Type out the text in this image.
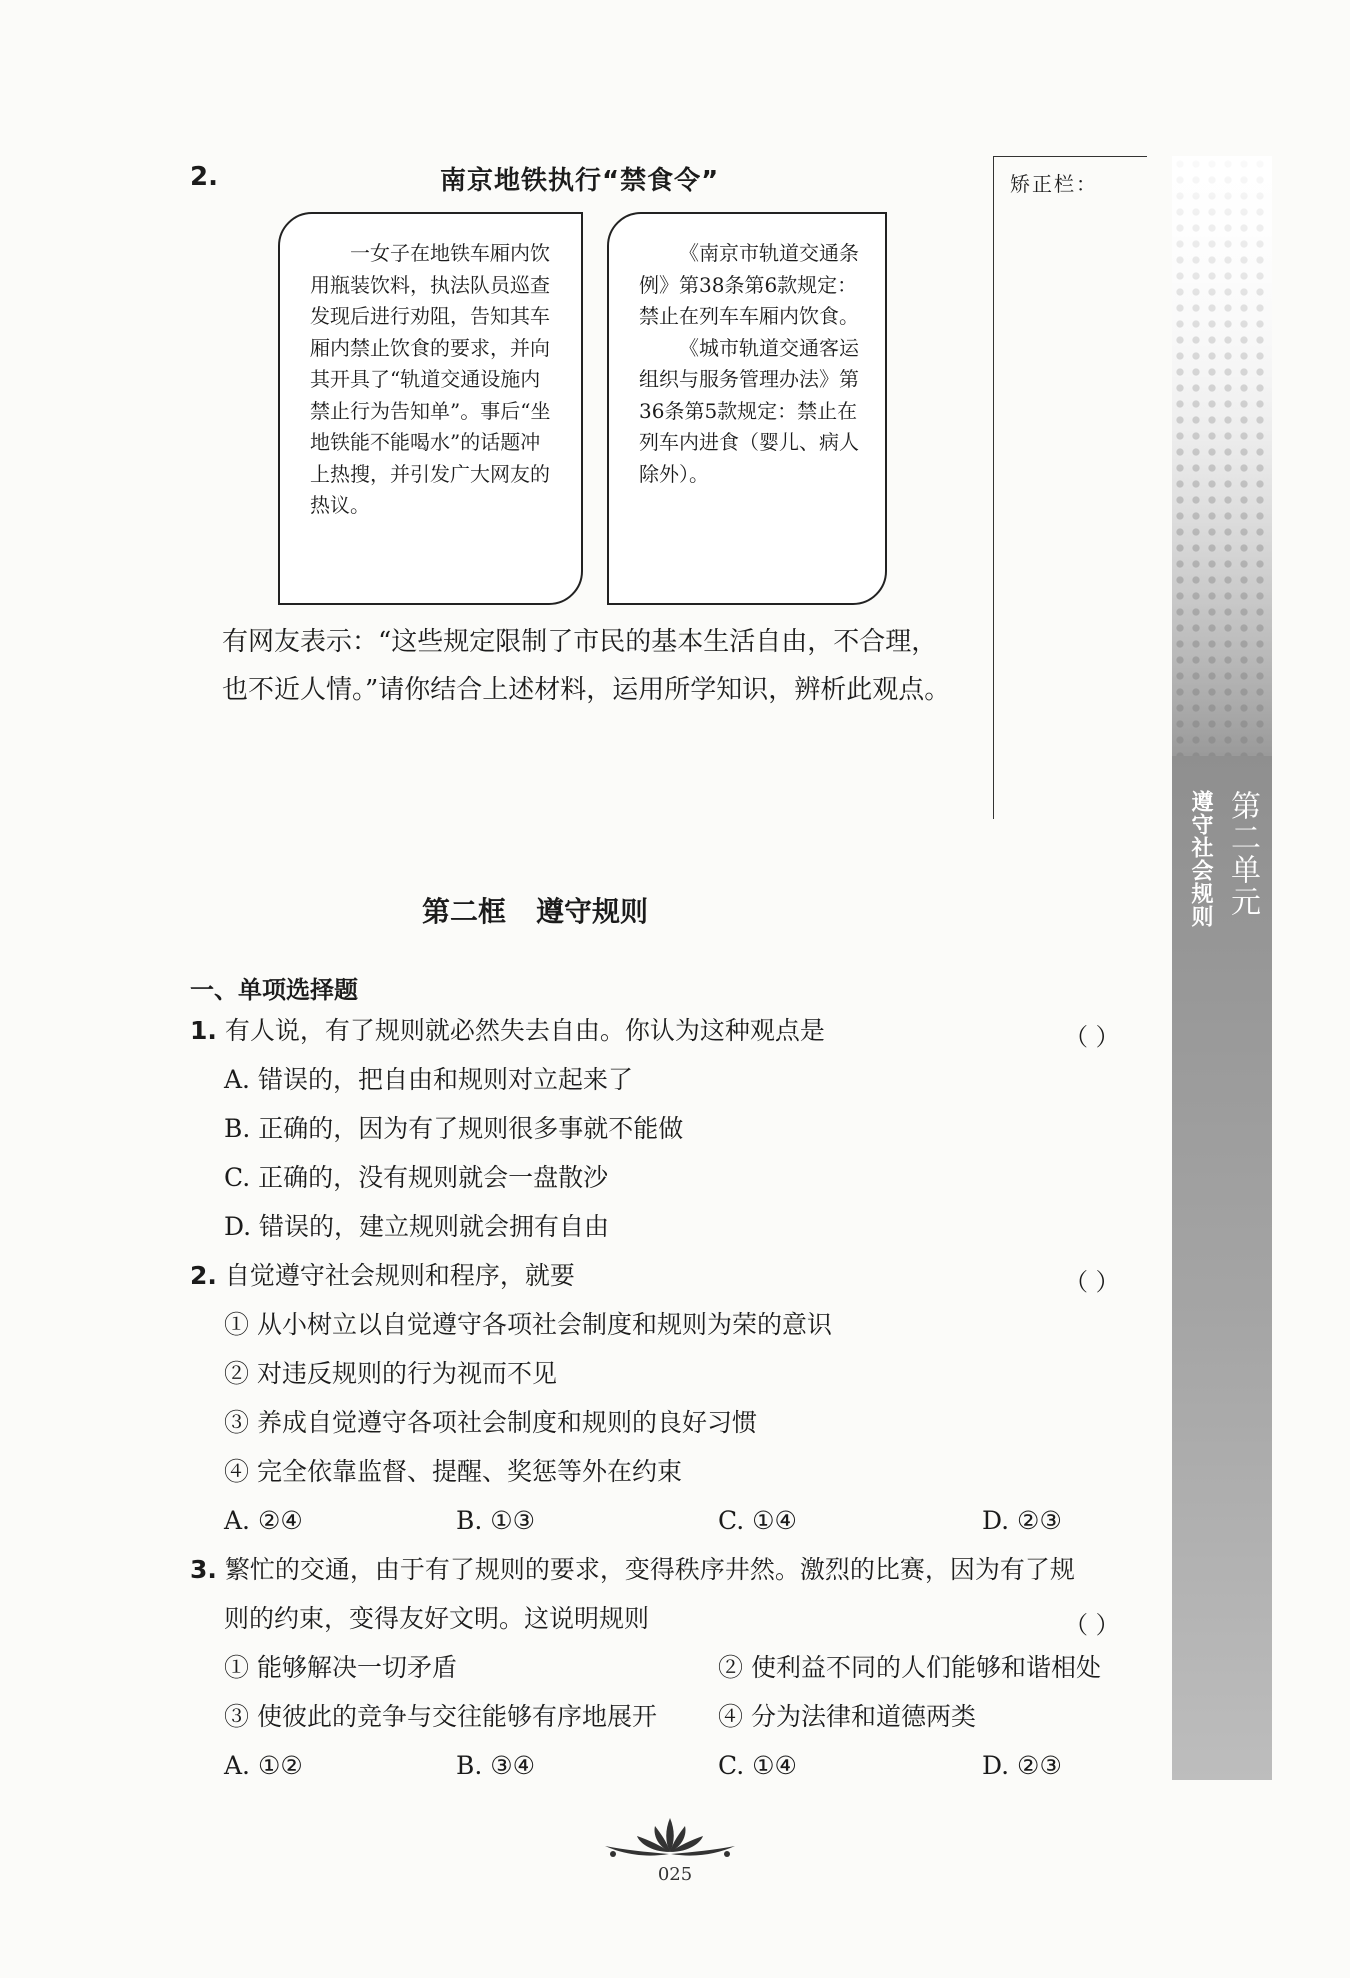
2.	南京地铁执行“禁食令”

一女子在地铁车厢内饮用瓶装饮料，执法队员巡查发现后进行劝阻，告知其车厢内禁止饮食的要求，并向其开具了“轨道交通设施内禁止行为告知单”。事后“坐地铁能不能喝水”的话题冲上热搜，并引发广大网友的热议。

《南京市轨道交通条例》第38条第6款规定：禁止在列车车厢内饮食。

《城市轨道交通客运组织与服务管理办法》第36条第5款规定：禁止在列车内进食（婴儿、病人除外）。

有网友表示：“这些规定限制了市民的基本生活自由，不合理，
也不近人情。”请你结合上述材料，运用所学知识，辨析此观点。
矫正栏：
第二单元
遵守社会规则
第二框 遵守规则
一、单项选择题
1. 有人说，有了规则就必然失去自由。你认为这种观点是	（ ）
A. 错误的，把自由和规则对立起来了
B. 正确的，因为有了规则很多事就不能做
C. 正确的，没有规则就会一盘散沙
D. 错误的，建立规则就会拥有自由
2. 自觉遵守社会规则和程序，就要	（ ）
① 从小树立以自觉遵守各项社会制度和规则为荣的意识
② 对违反规则的行为视而不见
③ 养成自觉遵守各项社会制度和规则的良好习惯
④ 完全依靠监督、提醒、奖惩等外在约束
A. ②④	B. ①③	C. ①④	D. ②③
3. 繁忙的交通，由于有了规则的要求，变得秩序井然。激烈的比赛，因为有了规
则的约束，变得友好文明。这说明规则	（ ）
① 能够解决一切矛盾	② 使利益不同的人们能够和谐相处
③ 使彼此的竞争与交往能够有序地展开 ④ 分为法律和道德两类
A. ①②	B. ③④	C. ①④	D. ②③
025
